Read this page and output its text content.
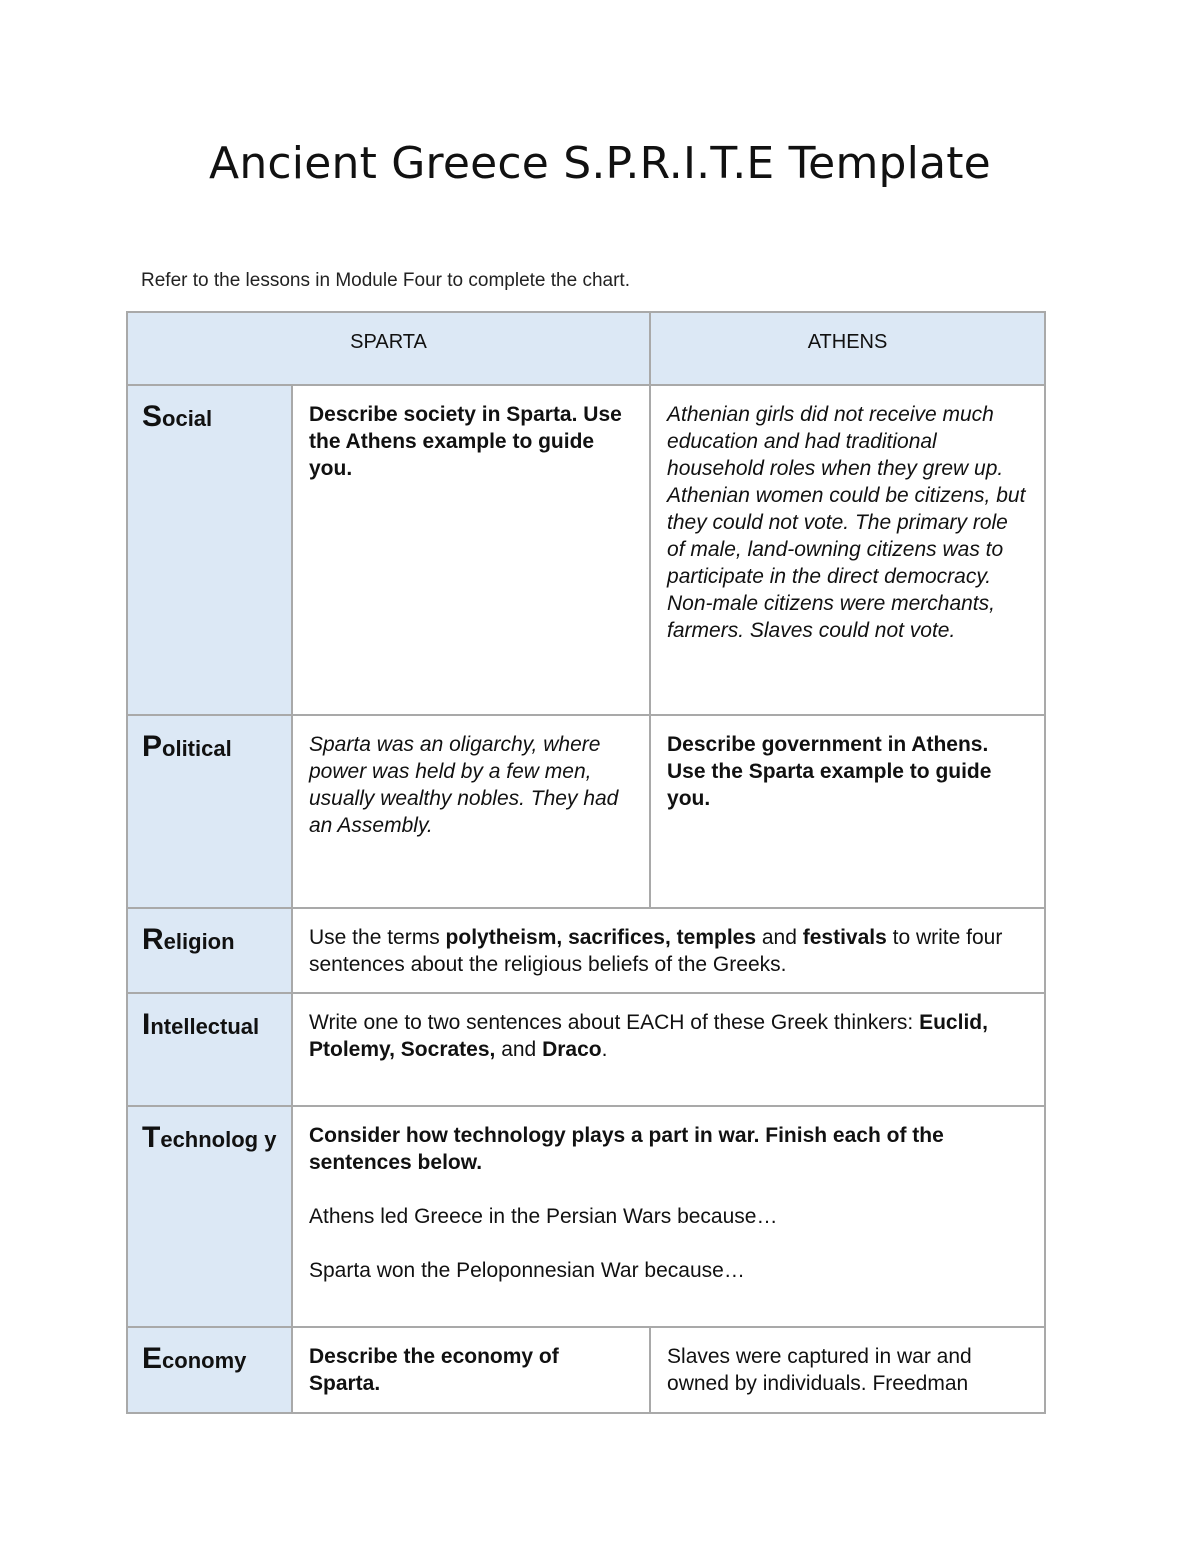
Ancient Greece S.P.R.I.T.E Template
Refer to the lessons in Module Four to complete the chart.
SPARTA		ATHENS

Social	Describe society in Sparta. Use the Athens example to guide you.	Athenian girls did not receive much education and had traditional household roles when they grew up. Athenian women could be citizens, but they could not vote. The primary role of male, land-owning citizens was to participate in the direct democracy. Non-male citizens were merchants, farmers. Slaves could not vote.

Political	Sparta was an oligarchy, where power was held by a few men, usually wealthy nobles. They had an Assembly.	Describe government in Athens. Use the Sparta example to guide you.

Religion	Use the terms polytheism, sacrifices, temples and festivals to write four sentences about the religious beliefs of the Greeks.	

Intellectual	Write one to two sentences about EACH of these Greek thinkers: Euclid, Ptolemy, Socrates, and Draco.	

Technolog y	Consider how technology plays a part in war. Finish each of the sentences below.
Athens led Greece in the Persian Wars because…
Sparta won the Peloponnesian War because…	

Economy	Describe the economy of Sparta.	Slaves were captured in war and owned by individuals. Freedman
